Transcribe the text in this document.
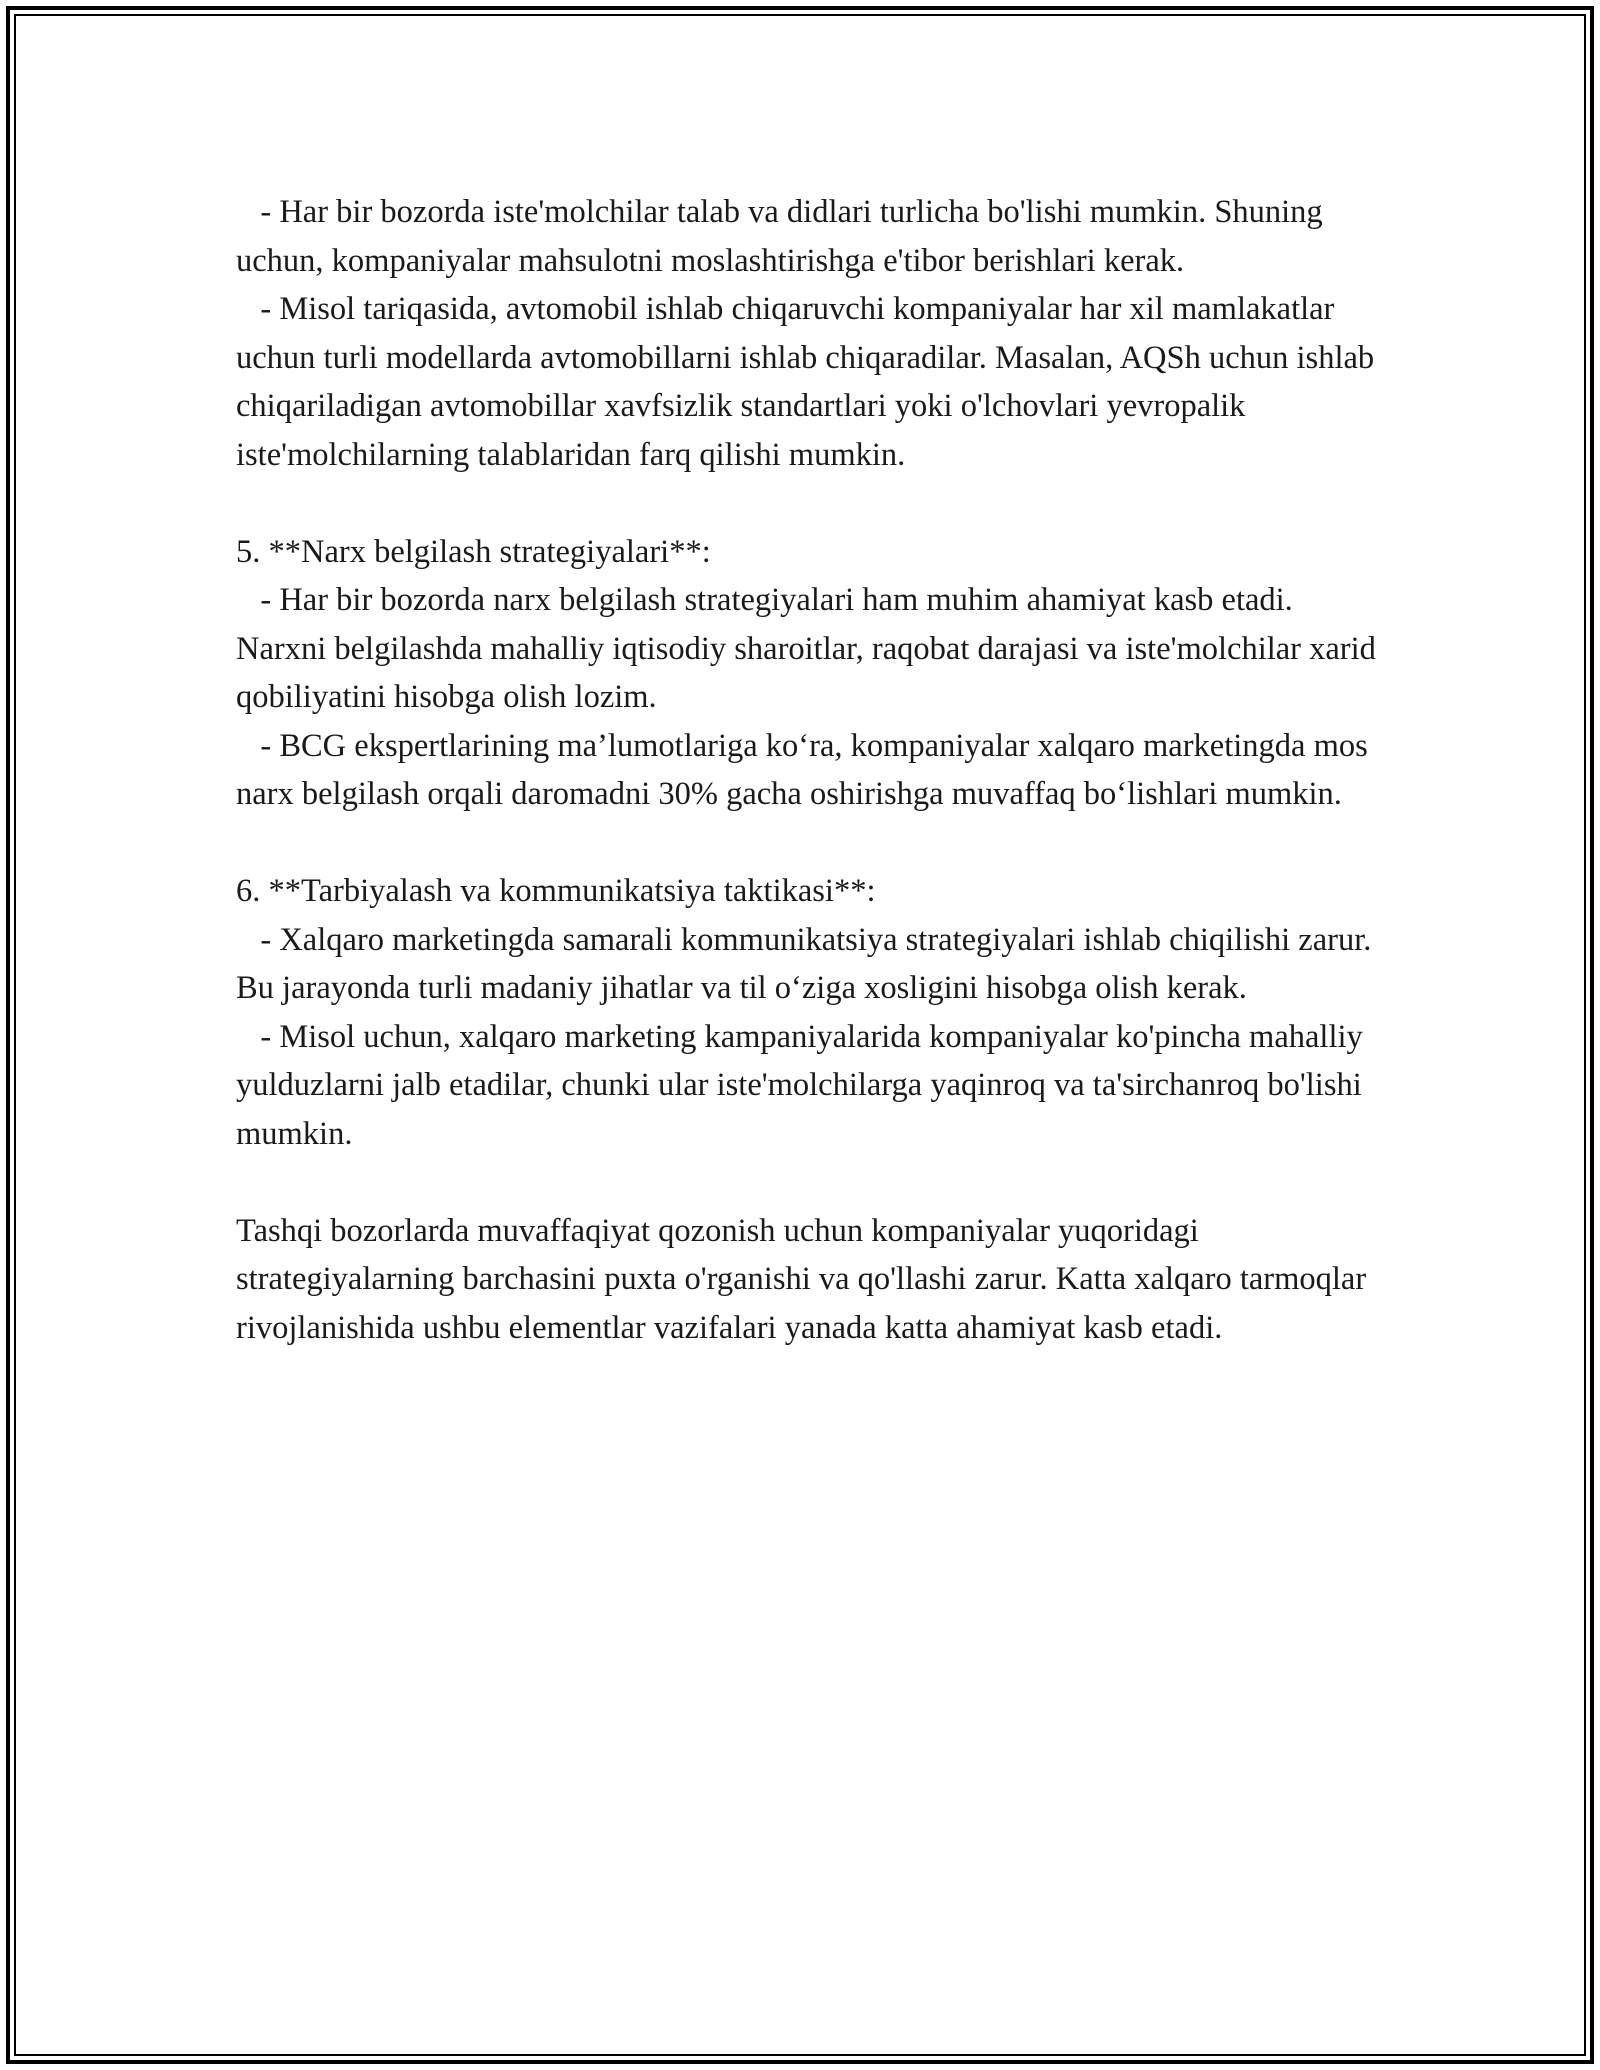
- Har bir bozorda iste'molchilar talab va didlari turlicha bo'lishi mumkin. Shuning uchun, kompaniyalar mahsulotni moslashtirishga e'tibor berishlari kerak.

- Misol tariqasida, avtomobil ishlab chiqaruvchi kompaniyalar har xil mamlakatlar uchun turli modellarda avtomobillarni ishlab chiqaradilar. Masalan, AQSh uchun ishlab chiqariladigan avtomobillar xavfsizlik standartlari yoki o'lchovlari yevropalik iste'molchilarning talablaridan farq qilishi mumkin.

5. **Narx belgilash strategiyalari**:

- Har bir bozorda narx belgilash strategiyalari ham muhim ahamiyat kasb etadi. Narxni belgilashda mahalliy iqtisodiy sharoitlar, raqobat darajasi va iste'molchilar xarid qobiliyatini hisobga olish lozim.

- BCG ekspertlarining ma’lumotlariga ko‘ra, kompaniyalar xalqaro marketingda mos narx belgilash orqali daromadni 30% gacha oshirishga muvaffaq bo‘lishlari mumkin.

6. **Tarbiyalash va kommunikatsiya taktikasi**:

- Xalqaro marketingda samarali kommunikatsiya strategiyalari ishlab chiqilishi zarur. Bu jarayonda turli madaniy jihatlar va til o‘ziga xosligini hisobga olish kerak.

- Misol uchun, xalqaro marketing kampaniyalarida kompaniyalar ko'pincha mahalliy yulduzlarni jalb etadilar, chunki ular iste'molchilarga yaqinroq va ta'sirchanroq bo'lishi mumkin.

Tashqi bozorlarda muvaffaqiyat qozonish uchun kompaniyalar yuqoridagi strategiyalarning barchasini puxta o'rganishi va qo'llashi zarur. Katta xalqaro tarmoqlar rivojlanishida ushbu elementlar vazifalari yanada katta ahamiyat kasb etadi.
